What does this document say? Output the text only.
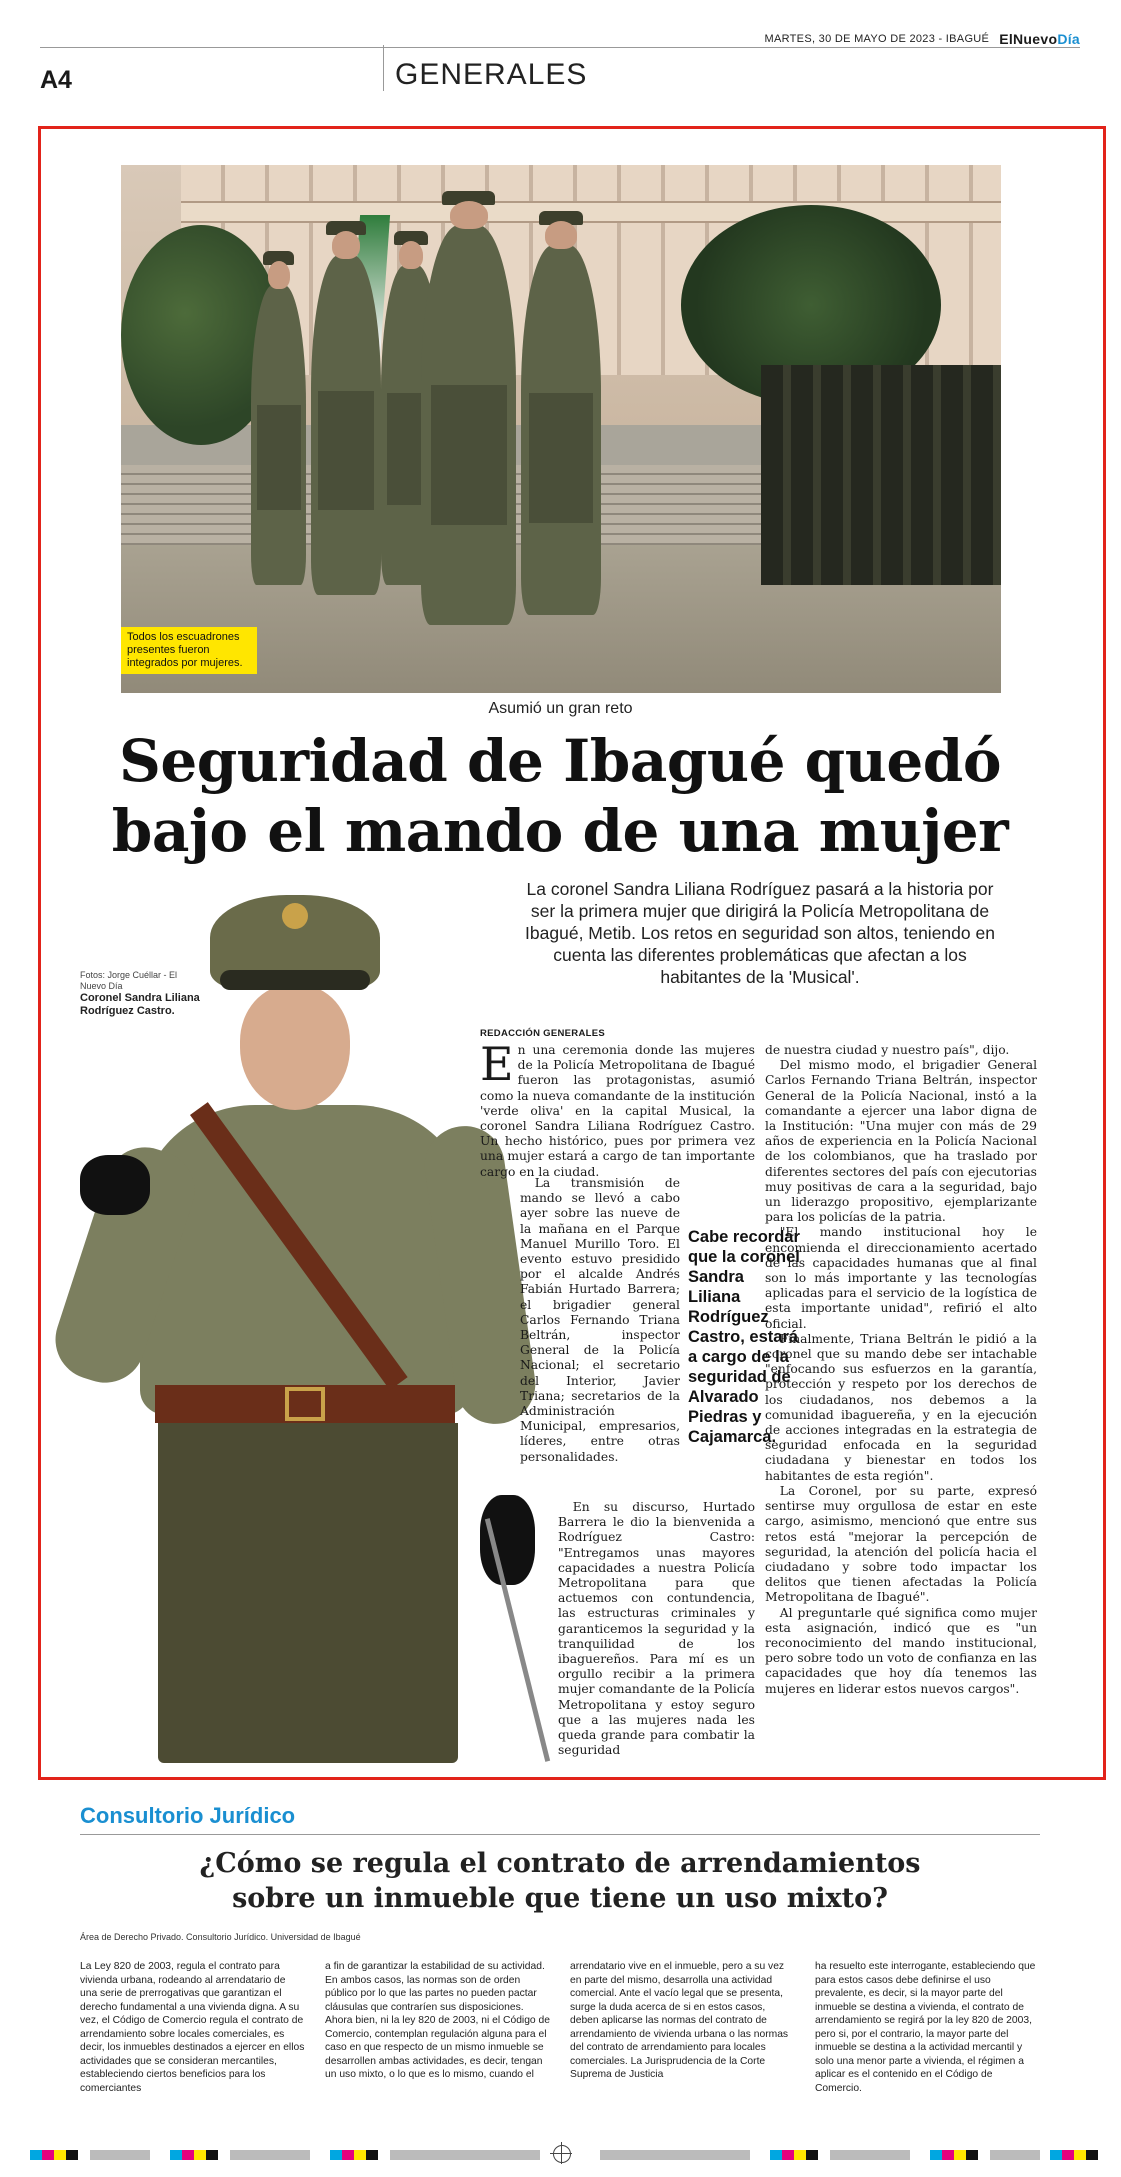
MARTES, 30 DE MAYO DE 2023 - IBAGUÉ ElNuevoDía
A4	GENERALES
Todos los escuadrones presentes fueron integrados por mujeres.
Asumió un gran reto
Seguridad de Ibagué quedó
bajo el mando de una mujer
La coronel Sandra Liliana Rodríguez pasará a la historia por ser la primera mujer que dirigirá la Policía Metropolitana de Ibagué, Metib. Los retos en seguridad son altos, teniendo en cuenta las diferentes problemáticas que afectan a los habitantes de la 'Musical'.
Fotos: Jorge Cuéllar - El Nuevo Día
Coronel Sandra Liliana Rodríguez Castro.
REDACCIÓN GENERALES

En una ceremonia donde las mujeres de la Policía Metropolitana de Ibagué fueron las protagonistas, asumió como la nueva comandante de la institución 'verde oliva' en la capital Musical, la coronel Sandra Liliana Rodríguez Castro. Un hecho histórico, pues por primera vez una mujer estará a cargo de tan importante cargo en la ciudad.

La transmisión de mando se llevó a cabo ayer sobre las nueve de la mañana en el Parque Manuel Murillo Toro. El evento estuvo presidido por el alcalde Andrés Fabián Hurtado Barrera; el brigadier general Carlos Fernando Triana Beltrán, inspector General de la Policía Nacional; el secretario del Interior, Javier Triana; secretarios de la Administración Municipal, empresarios, líderes, entre otras personalidades.

En su discurso, Hurtado Barrera le dio la bienvenida a Rodríguez Castro: "Entregamos unas mayores capacidades a nuestra Policía Metropolitana para que actuemos con contundencia, las estructuras criminales y garanticemos la seguridad y la tranquilidad de los ibaguereños. Para mí es un orgullo recibir a la primera mujer comandante de la Policía Metropolitana y estoy seguro que a las mujeres nada les queda grande para combatir la seguridad

Cabe recordar que la coronel Sandra Liliana Rodríguez Castro, estará a cargo de la seguridad de Alvarado Piedras y Cajamarca.

de nuestra ciudad y nuestro país", dijo.

Del mismo modo, el brigadier General Carlos Fernando Triana Beltrán, inspector General de la Policía Nacional, instó a la comandante a ejercer una labor digna de la Institución: "Una mujer con más de 29 años de experiencia en la Policía Nacional de los colombianos, que ha traslado por diferentes sectores del país con ejecutorias muy positivas de cara a la seguridad, bajo un liderazgo propositivo, ejemplarizante para los policías de la patria.

"El mando institucional hoy le encomienda el direccionamiento acertado de las capacidades humanas que al final son lo más importante y las tecnologías aplicadas para el servicio de la logística de esta importante unidad", refirió el alto oficial.

Finalmente, Triana Beltrán le pidió a la coronel que su mando debe ser intachable "enfocando sus esfuerzos en la garantía, protección y respeto por los derechos de los ciudadanos, nos debemos a la comunidad ibaguereña, y en la ejecución de acciones integradas en la estrategia de seguridad enfocada en la seguridad ciudadana y bienestar en todos los habitantes de esta región".

La Coronel, por su parte, expresó sentirse muy orgullosa de estar en este cargo, asimismo, mencionó que entre sus retos está "mejorar la percepción de seguridad, la atención del policía hacia el ciudadano y sobre todo impactar los delitos que tienen afectadas la Policía Metropolitana de Ibagué".

Al preguntarle qué significa como mujer esta asignación, indicó que es "un reconocimiento del mando institucional, pero sobre todo un voto de confianza en las capacidades que hoy día tenemos las mujeres en liderar estos nuevos cargos".

Consultorio Jurídico
¿Cómo se regula el contrato de arrendamientos
sobre un inmueble que tiene un uso mixto?
Área de Derecho Privado. Consultorio Jurídico. Universidad de Ibagué
La Ley 820 de 2003, regula el contrato para vivienda urbana, rodeando al arrendatario de una serie de prerrogativas que garantizan el derecho fundamental a una vivienda digna. A su vez, el Código de Comercio regula el contrato de arrendamiento sobre locales comerciales, es decir, los inmuebles destinados a ejercer en ellos actividades que se consideran mercantiles, estableciendo ciertos beneficios para los comerciantes
a fin de garantizar la estabilidad de su actividad. En ambos casos, las normas son de orden público por lo que las partes no pueden pactar cláusulas que contraríen sus disposiciones. Ahora bien, ni la ley 820 de 2003, ni el Código de Comercio, contemplan regulación alguna para el caso en que respecto de un mismo inmueble se desarrollen ambas actividades, es decir, tengan un uso mixto, o lo que es lo mismo, cuando el
arrendatario vive en el inmueble, pero a su vez en parte del mismo, desarrolla una actividad comercial. Ante el vacío legal que se presenta, surge la duda acerca de si en estos casos, deben aplicarse las normas del contrato de arrendamiento de vivienda urbana o las normas del contrato de arrendamiento para locales comerciales. La Jurisprudencia de la Corte Suprema de Justicia
ha resuelto este interrogante, estableciendo que para estos casos debe definirse el uso prevalente, es decir, si la mayor parte del inmueble se destina a vivienda, el contrato de arrendamiento se regirá por la ley 820 de 2003, pero si, por el contrario, la mayor parte del inmueble se destina a la actividad mercantil y solo una menor parte a vivienda, el régimen a aplicar es el contenido en el Código de Comercio.
